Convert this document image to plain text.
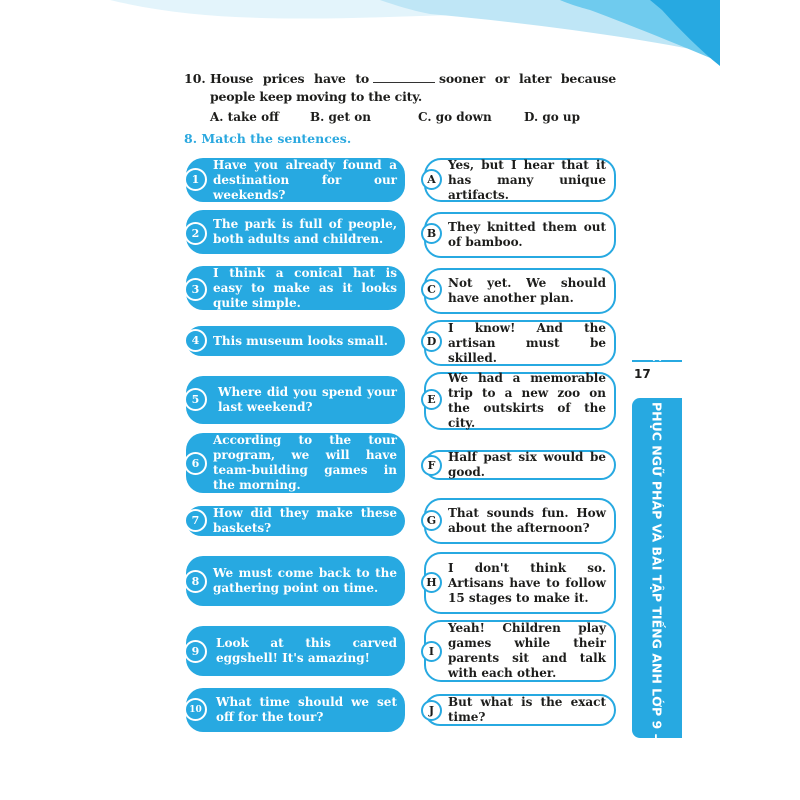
10. House prices have to	sooner or later because people keep moving to the city.
A. take off	B. get on	C. go down	D. go up
8. Match the sentences.
Have you already found a destination for our weekends?
1
The park is full of people, both adults and children.
2
I think a conical hat is easy to make as it looks quite simple.
3
This museum looks small.
4
Where did you spend your last weekend?
5
According to the tour program, we will have team-building games in the morning.
6
How did they make these baskets?
7
We must come back to the gathering point on time.
8
Look at this carved eggshell! It's amazing!
9
What time should we set off for the tour?
10
Yes, but I hear that it has many unique artifacts.
A
They knitted them out of bamboo.
B
Not yet. We should have another plan.
C
I know! And the artisan must be skilled.
D
We had a memorable trip to a new zoo on the outskirts of the city.
E
Half past six would be good.
F
That sounds fun. How about the afternoon?
G
I don't think so. Artisans have to follow 15 stages to make it.
H
Yeah! Children play games while their parents sit and talk with each other.
I
But what is the exact time?
J
17
CHINH PHỤC NGỮ PHÁP VÀ BÀI TẬP TIẾNG ANH LỚP 9 - TẬP 1
